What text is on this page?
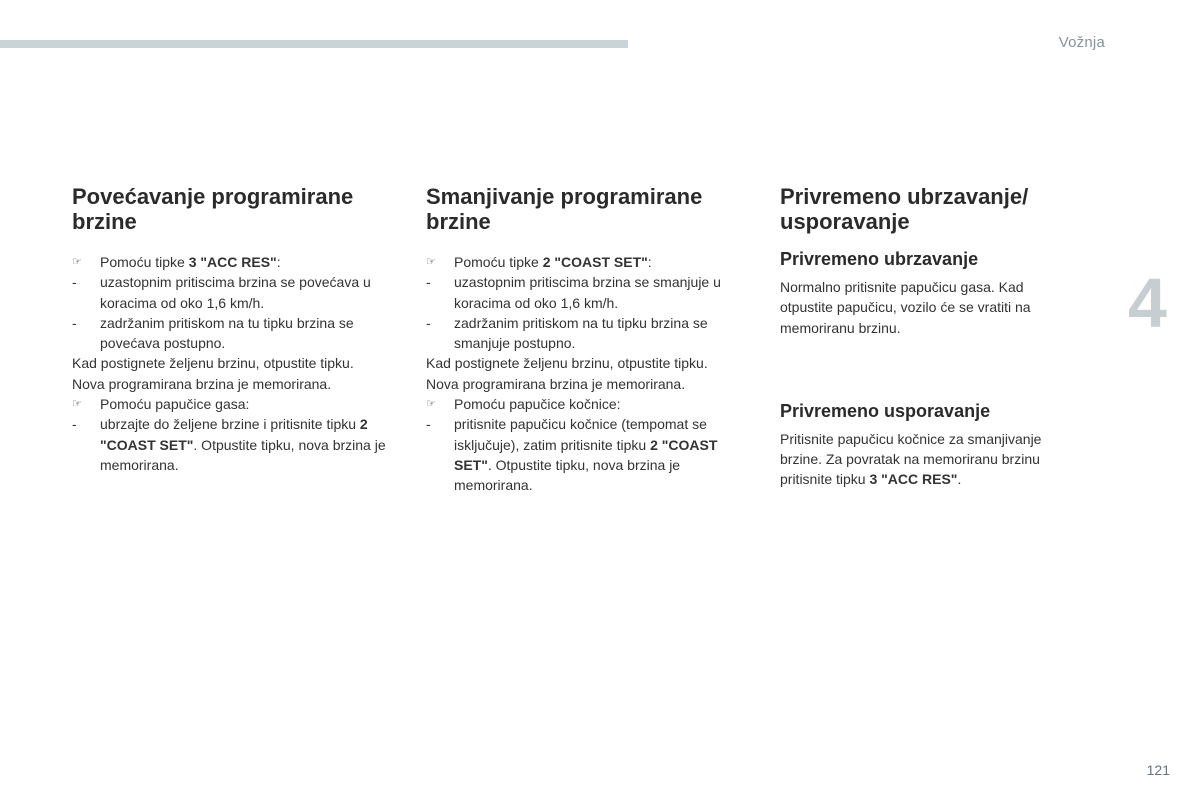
Vožnja
4
121
Povećavanje programirane brzine
☞	Pomoću tipke 3 "ACC RES":
-	uzastopnim pritiscima brzina se povećava u koracima od oko 1,6 km/h.
-	zadržanim pritiskom na tu tipku brzina se povećava postupno.
Kad postignete željenu brzinu, otpustite tipku.
Nova programirana brzina je memorirana.
☞	Pomoću papučice gasa:
-	ubrzajte do željene brzine i pritisnite tipku 2 "COAST SET". Otpustite tipku, nova brzina je memorirana.
Smanjivanje programirane brzine
☞	Pomoću tipke 2 "COAST SET":
-	uzastopnim pritiscima brzina se smanjuje u koracima od oko 1,6 km/h.
-	zadržanim pritiskom na tu tipku brzina se smanjuje postupno.
Kad postignete željenu brzinu, otpustite tipku.
Nova programirana brzina je memorirana.
☞	Pomoću papučice kočnice:
-	pritisnite papučicu kočnice (tempomat se isključuje), zatim pritisnite tipku 2 "COAST SET". Otpustite tipku, nova brzina je memorirana.
Privremeno ubrzavanje/ usporavanje
Privremeno ubrzavanje
Normalno pritisnite papučicu gasa. Kad otpustite papučicu, vozilo će se vratiti na memoriranu brzinu.
Privremeno usporavanje
Pritisnite papučicu kočnice za smanjivanje brzine. Za povratak na memoriranu brzinu pritisnite tipku 3 "ACC RES".
